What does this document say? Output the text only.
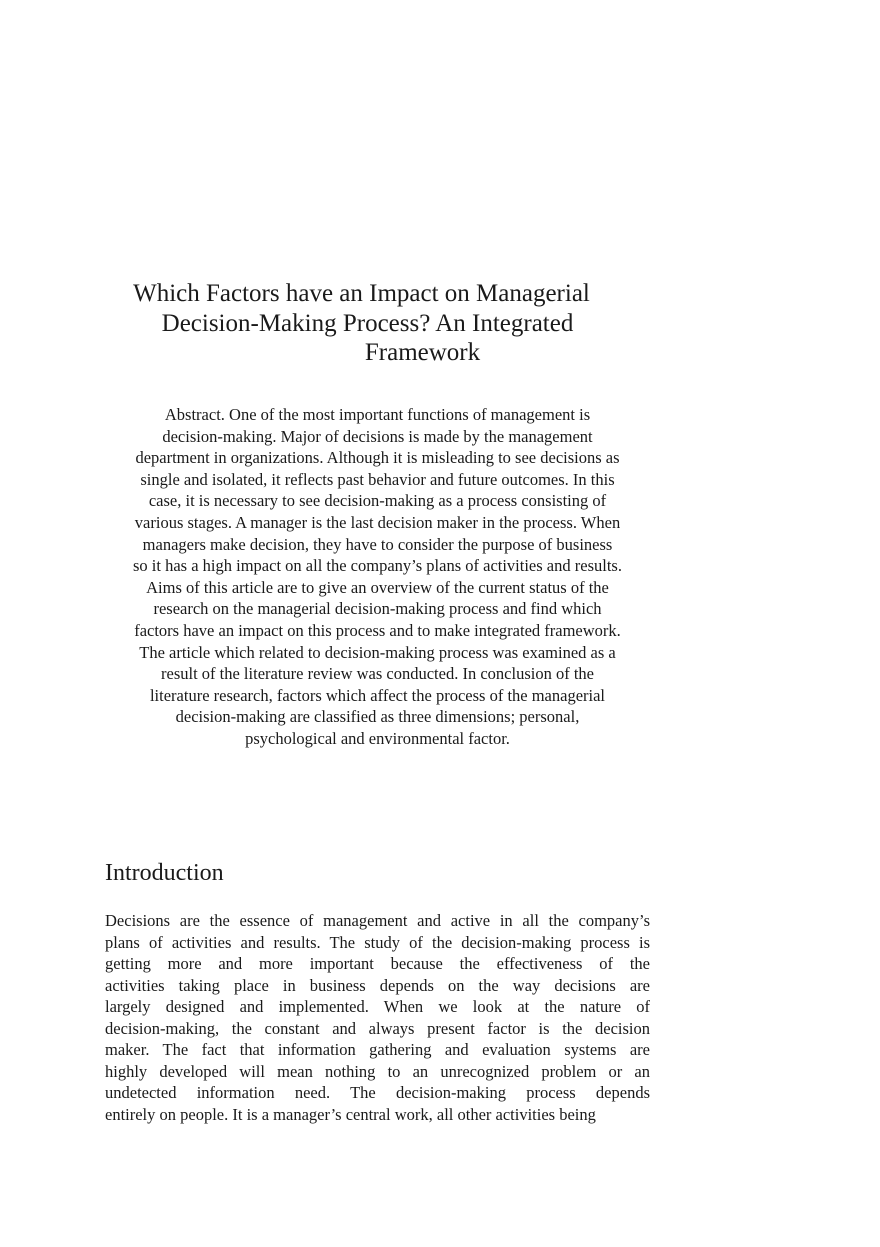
Which Factors have an Impact on Managerial
Decision-Making Process? An Integrated
Framework
Abstract. One of the most important functions of management is
decision-making. Major of decisions is made by the management
department in organizations. Although it is misleading to see decisions as
single and isolated, it reflects past behavior and future outcomes. In this
case, it is necessary to see decision-making as a process consisting of
various stages. A manager is the last decision maker in the process. When
managers make decision, they have to consider the purpose of business
so it has a high impact on all the company’s plans of activities and results.
Aims of this article are to give an overview of the current status of the
research on the managerial decision-making process and find which
factors have an impact on this process and to make integrated framework.
The article which related to decision-making process was examined as a
result of the literature review was conducted. In conclusion of the
literature research, factors which affect the process of the managerial
decision-making are classified as three dimensions; personal,
psychological and environmental factor.
Introduction
Decisions are the essence of management and active in all the company’s
plans of activities and results. The study of the decision-making process is
getting more and more important because the effectiveness of the
activities taking place in business depends on the way decisions are
largely designed and implemented. When we look at the nature of
decision-making, the constant and always present factor is the decision
maker. The fact that information gathering and evaluation systems are
highly developed will mean nothing to an unrecognized problem or an
undetected information need. The decision-making process depends
entirely on people. It is a manager’s central work, all other activities being
